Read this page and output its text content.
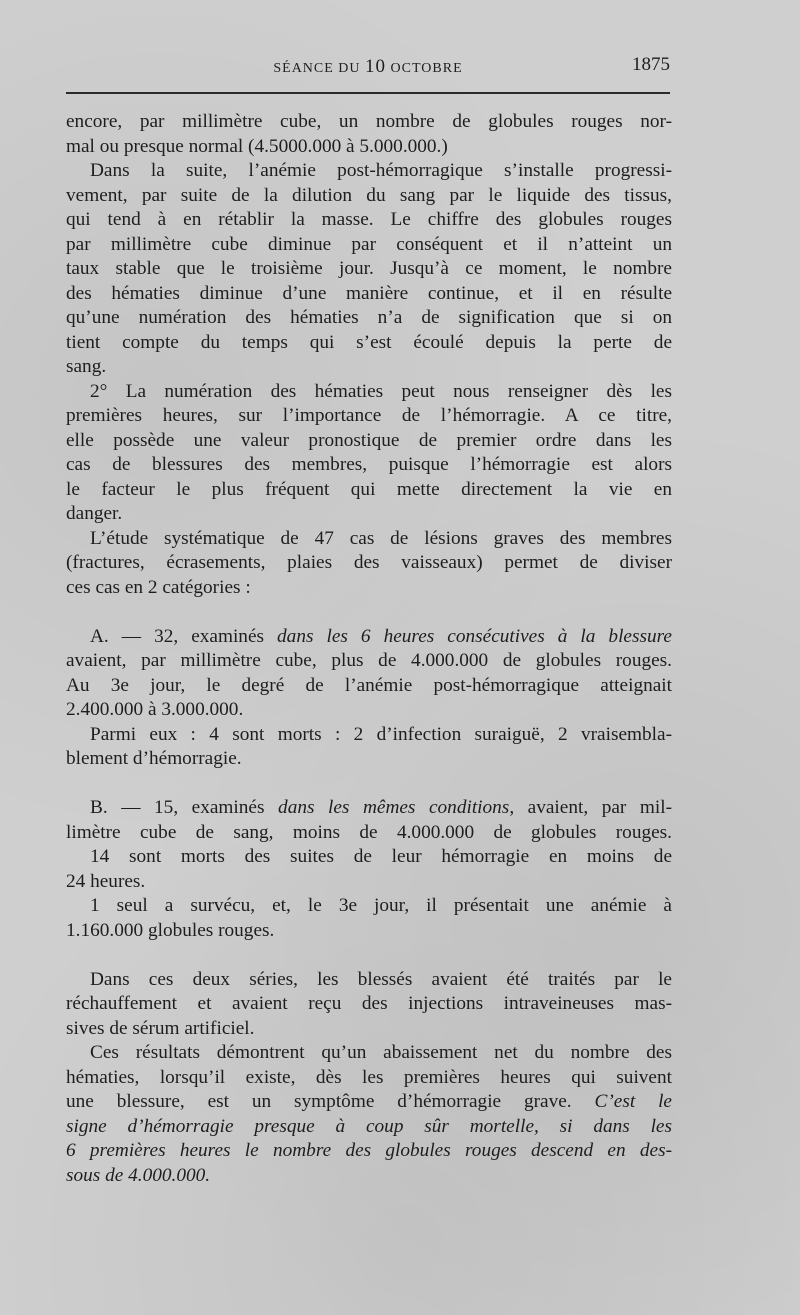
SÉANCE DU 10 OCTOBRE	1875
encore, par millimètre cube, un nombre de globules rouges nor-
mal ou presque normal (4.5000.000 à 5.000.000.)
Dans la suite, l’anémie post-hémorragique s’installe progressi-
vement, par suite de la dilution du sang par le liquide des tissus,
qui tend à en rétablir la masse. Le chiffre des globules rouges
par millimètre cube diminue par conséquent et il n’atteint un
taux stable que le troisième jour. Jusqu’à ce moment, le nombre
des hématies diminue d’une manière continue, et il en résulte
qu’une numération des hématies n’a de signification que si on
tient compte du temps qui s’est écoulé depuis la perte de
sang.
2° La numération des hématies peut nous renseigner dès les
premières heures, sur l’importance de l’hémorragie. A ce titre,
elle possède une valeur pronostique de premier ordre dans les
cas de blessures des membres, puisque l’hémorragie est alors
le facteur le plus fréquent qui mette directement la vie en
danger.
L’étude systématique de 47 cas de lésions graves des membres
(fractures, écrasements, plaies des vaisseaux) permet de diviser
ces cas en 2 catégories :
A. — 32, examinés dans les 6 heures consécutives à la blessure
avaient, par millimètre cube, plus de 4.000.000 de globules rouges.
Au 3e jour, le degré de l’anémie post-hémorragique atteignait
2.400.000 à 3.000.000.
Parmi eux : 4 sont morts : 2 d’infection suraiguë, 2 vraisembla-
blement d’hémorragie.
B. — 15, examinés dans les mêmes conditions, avaient, par mil-
limètre cube de sang, moins de 4.000.000 de globules rouges.
14 sont morts des suites de leur hémorragie en moins de
24 heures.
1 seul a survécu, et, le 3e jour, il présentait une anémie à
1.160.000 globules rouges.
Dans ces deux séries, les blessés avaient été traités par le
réchauffement et avaient reçu des injections intraveineuses mas-
sives de sérum artificiel.
Ces résultats démontrent qu’un abaissement net du nombre des
hématies, lorsqu’il existe, dès les premières heures qui suivent
une blessure, est un symptôme d’hémorragie grave. C’est le
signe d’hémorragie presque à coup sûr mortelle, si dans les
6 premières heures le nombre des globules rouges descend en des-
sous de 4.000.000.
